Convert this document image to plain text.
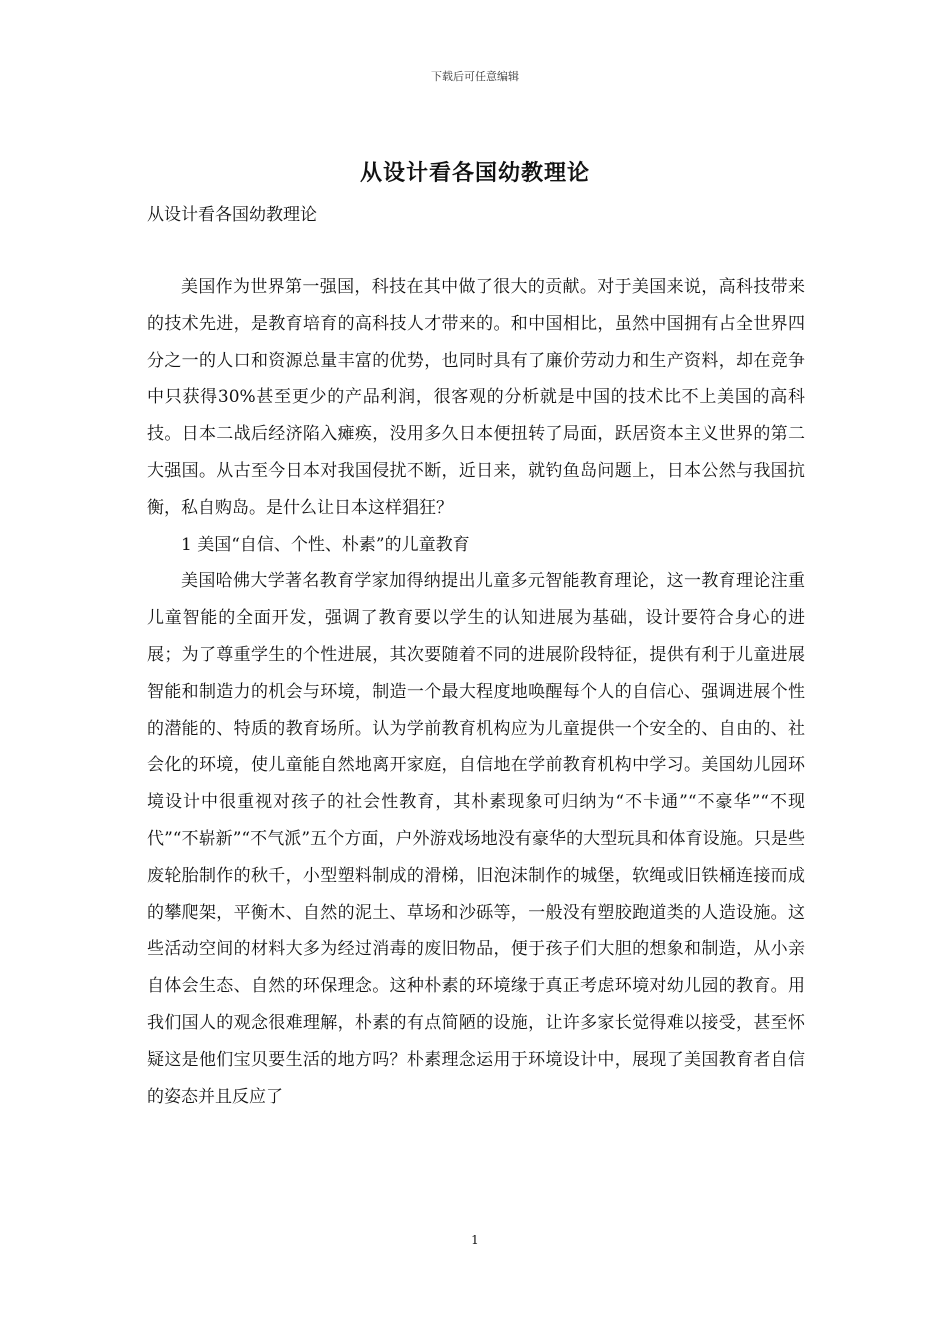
下载后可任意编辑
从设计看各国幼教理论
从设计看各国幼教理论

美国作为世界第一强国，科技在其中做了很大的贡献。对于美国来说，高科技带来的技术先进，是教育培育的高科技人才带来的。和中国相比，虽然中国拥有占全世界四分之一的人口和资源总量丰富的优势，也同时具有了廉价劳动力和生产资料，却在竞争中只获得30%甚至更少的产品利润，很客观的分析就是中国的技术比不上美国的高科技。日本二战后经济陷入瘫痪，没用多久日本便扭转了局面，跃居资本主义世界的第二大强国。从古至今日本对我国侵扰不断，近日来，就钓鱼岛问题上，日本公然与我国抗衡，私自购岛。是什么让日本这样猖狂？

1 美国“自信、个性、朴素”的儿童教育

美国哈佛大学著名教育学家加得纳提出儿童多元智能教育理论，这一教育理论注重儿童智能的全面开发，强调了教育要以学生的认知进展为基础，设计要符合身心的进展；为了尊重学生的个性进展，其次要随着不同的进展阶段特征，提供有利于儿童进展智能和制造力的机会与环境，制造一个最大程度地唤醒每个人的自信心、强调进展个性的潜能的、特质的教育场所。认为学前教育机构应为儿童提供一个安全的、自由的、社会化的环境，使儿童能自然地离开家庭，自信地在学前教育机构中学习。美国幼儿园环境设计中很重视对孩子的社会性教育，其朴素现象可归纳为“不卡通”“不豪华”“不现代”“不崭新”“不气派”五个方面，户外游戏场地没有豪华的大型玩具和体育设施。只是些废轮胎制作的秋千，小型塑料制成的滑梯，旧泡沫制作的城堡，软绳或旧铁桶连接而成的攀爬架，平衡木、自然的泥土、草场和沙砾等，一般没有塑胶跑道类的人造设施。这些活动空间的材料大多为经过消毒的废旧物品，便于孩子们大胆的想象和制造，从小亲自体会生态、自然的环保理念。这种朴素的环境缘于真正考虑环境对幼儿园的教育。用我们国人的观念很难理解，朴素的有点简陋的设施，让许多家长觉得难以接受，甚至怀疑这是他们宝贝要生活的地方吗？朴素理念运用于环境设计中，展现了美国教育者自信的姿态并且反应了

1
